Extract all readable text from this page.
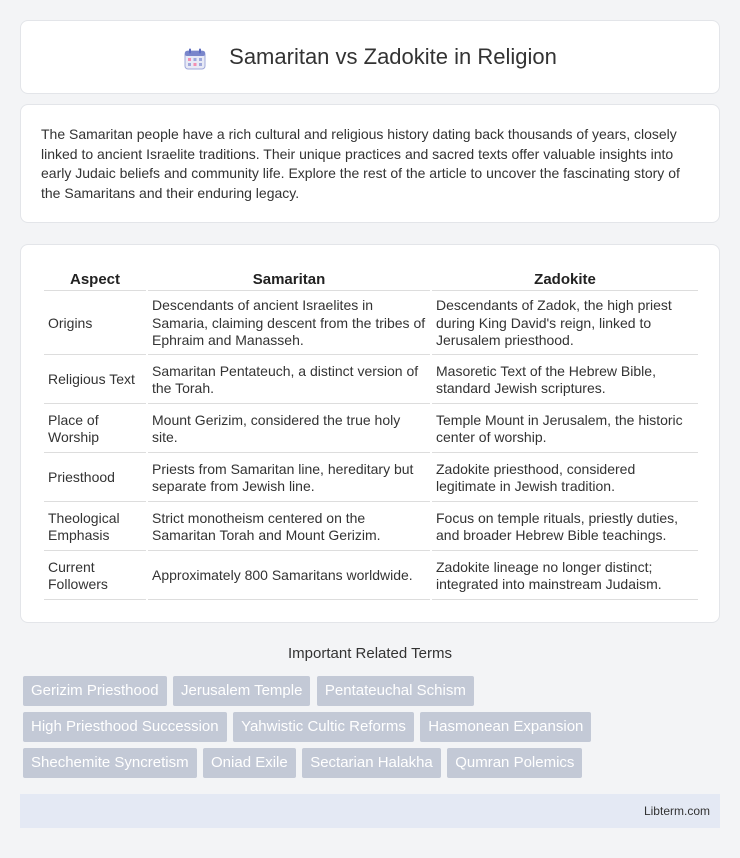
Samaritan vs Zadokite in Religion

The Samaritan people have a rich cultural and religious history dating back thousands of years, closely linked to ancient Israelite traditions. Their unique practices and sacred texts offer valuable insights into early Judaic beliefs and community life. Explore the rest of the article to uncover the fascinating story of the Samaritans and their enduring legacy.

Aspect	Samaritan	Zadokite
Origins	Descendants of ancient Israelites in Samaria, claiming descent from the tribes of Ephraim and Manasseh.	Descendants of Zadok, the high priest during King David's reign, linked to Jerusalem priesthood.
Religious Text	Samaritan Pentateuch, a distinct version of the Torah.	Masoretic Text of the Hebrew Bible, standard Jewish scriptures.
Place of Worship	Mount Gerizim, considered the true holy site.	Temple Mount in Jerusalem, the historic center of worship.
Priesthood	Priests from Samaritan line, hereditary but separate from Jewish line.	Zadokite priesthood, considered legitimate in Jewish tradition.
Theological Emphasis	Strict monotheism centered on the Samaritan Torah and Mount Gerizim.	Focus on temple rituals, priestly duties, and broader Hebrew Bible teachings.
Current Followers	Approximately 800 Samaritans worldwide.	Zadokite lineage no longer distinct; integrated into mainstream Judaism.
Important Related Terms
Gerizim Priesthood Jerusalem Temple Pentateuchal Schism
High Priesthood Succession Yahwistic Cultic Reforms Hasmonean Expansion
Shechemite Syncretism Oniad Exile Sectarian Halakha Qumran Polemics
Libterm.com
